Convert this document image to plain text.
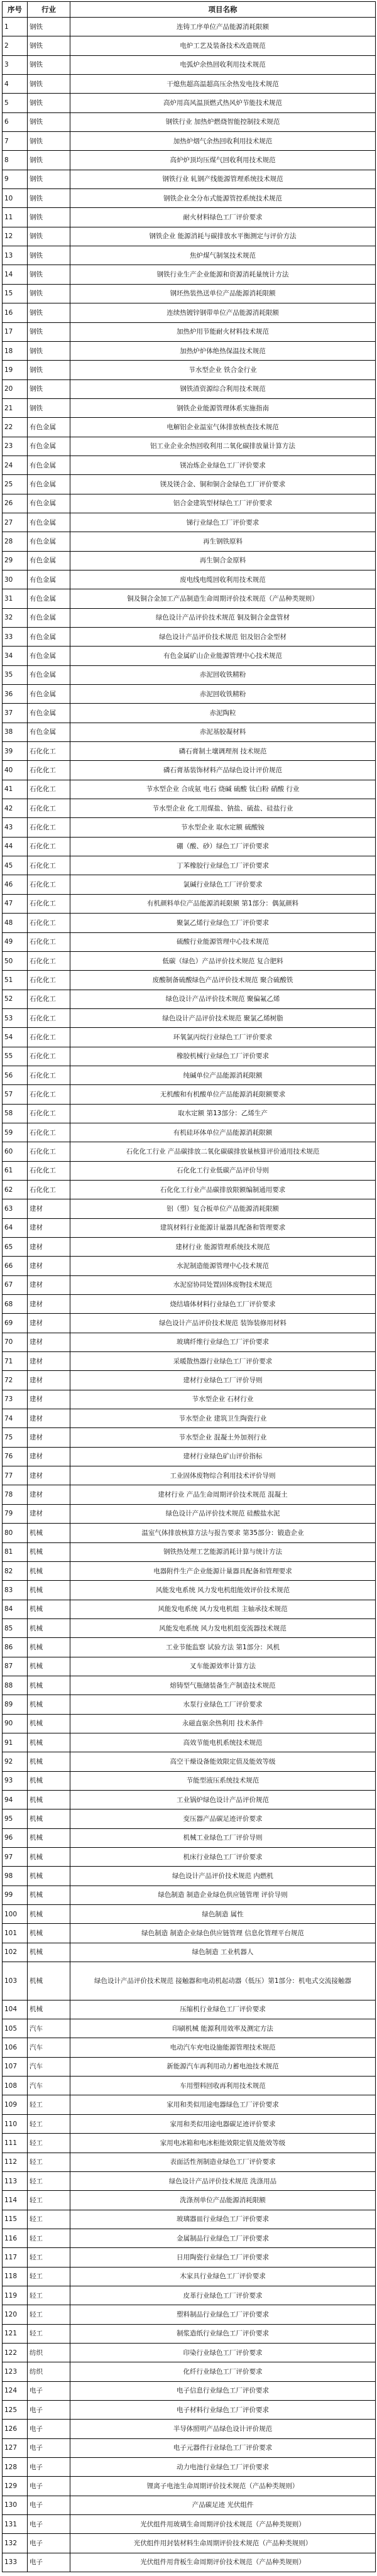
序号	行业	项目名称
1	钢铁	连铸工序单位产品能源消耗限额
2	钢铁	电炉工艺及装备技术改造规范
3	钢铁	电弧炉余热回收利用技术规范
4	钢铁	干熄焦超高温超高压余热发电技术规范
5	钢铁	高炉用高风温顶燃式热风炉节能技术规范
6	钢铁	钢铁行业 加热炉燃烧智能控制技术规范
7	钢铁	加热炉烟气余热回收利用技术规范
8	钢铁	高炉炉顶均压煤气回收利用技术规范
9	钢铁	钢铁行业 轧钢产线能源管理系统技术规范
10	钢铁	钢铁企业全分布式能源管控系统技术规范
11	钢铁	耐火材料绿色工厂评价要求
12	钢铁	钢铁企业 能源消耗与碳排放水平衡测定与评价方法
13	钢铁	焦炉煤气制氢技术规范
14	钢铁	钢铁行业生产企业能源和资源消耗量统计方法
15	钢铁	钢坯热装热送单位产品能源消耗限额
16	钢铁	连续热镀锌钢带单位产品能源消耗限额
17	钢铁	加热炉用节能耐火材料技术规范
18	钢铁	加热炉炉体绝热保温技术规范
19	钢铁	节水型企业 铁合金行业
20	钢铁	钢铁渣资源综合利用技术规范
21	钢铁	钢铁企业能源管理体系实施指南
22	有色金属	电解铝企业温室气体排放核查技术规范
23	有色金属	铝工业企业余热回收利用二氧化碳排放量计算方法
24	有色金属	镁冶炼企业绿色工厂评价要求
25	有色金属	镁及镁合金、铜和铜合金绿色工厂评价要求
26	有色金属	铝合金建筑型材绿色工厂评价要求
27	有色金属	锑行业绿色工厂评价要求
28	有色金属	再生钢铁原料
29	有色金属	再生铜合金原料
30	有色金属	废电线电缆回收利用技术规范
31	有色金属	铜及铜合金加工产品制造生命周期评价技术规范（产品种类规则）
32	有色金属	绿色设计产品评价技术规范 铜及铜合金盘管材
33	有色金属	绿色设计产品评价技术规范 铝及铝合金型材
34	有色金属	有色金属矿山企业能源管理中心技术规范
35	有色金属	赤泥回收铁精粉
36	有色金属	赤泥回收铁精粉
37	有色金属	赤泥陶粒
38	有色金属	赤泥基胶凝材料
39	石化化工	磷石膏制土壤调理剂 技术规范
40	石化化工	磷石膏基装饰材料产品绿色设计评价规范
41	石化化工	节水型企业 合成氨 电石 烧碱 硫酸 钛白粉 硝酸 行业
42	石化化工	节水型企业 化工用煤盐、钠盐、硫盐、硅盐行业
43	石化化工	节水型企业 取水定额 硫酸铵
44	石化化工	硼（酸、砂）绿色工厂评价要求
45	石化化工	丁苯橡胶行业绿色工厂评价要求
46	石化化工	氯碱行业绿色工厂评价要求
47	石化化工	有机颜料单位产品能源消耗限额 第1部分：偶氮颜料
48	石化化工	聚氯乙烯行业绿色工厂评价要求
49	石化化工	硫酸行业能源管理中心技术规范
50	石化化工	低碳（绿色）产品评价技术规范 复合肥料
51	石化化工	废酸制备硫酸绿色产品评价技术规范 聚合硫酸铁
52	石化化工	绿色设计产品评价技术规范 聚偏氟乙烯
53	石化化工	绿色设计产品评价技术规范 聚氯乙烯树脂
54	石化化工	环氧氯丙烷行业绿色工厂评价要求
55	石化化工	橡胶机械行业绿色工厂评价要求
56	石化化工	纯碱单位产品能源消耗限额
57	石化化工	无机酸和有机酸单位产品能源消耗限额要求
58	石化化工	取水定额 第13部分：乙烯生产
59	石化化工	有机硅环体单位产品能源消耗限额
60	石化化工	石化化工行业 产品碳排放二氧化碳碳排放量核算评价通用技术规范
61	石化化工	石化化工行业低碳产品评价导则
62	石化化工	石化化工行业产品碳排放限额编制通用要求
63	建材	铝（塑）复合板单位产品能源消耗限额
64	建材	建筑材料行业能源计量器具配备和管理要求
65	建材	建材行业 能源管理系统技术规范
66	建材	水泥制造能源管理中心技术规范
67	建材	水泥窑协同处置固体废物技术规范
68	建材	烧结墙体材料行业绿色工厂评价要求
69	建材	绿色设计产品评价技术规范 装饰装修用材料
70	建材	玻璃纤维行业绿色工厂评价要求
71	建材	采暖散热器行业绿色工厂评价要求
72	建材	建材行业绿色工厂评价导则
73	建材	节水型企业 石材行业
74	建材	节水型企业 建筑卫生陶瓷行业
75	建材	节水型企业 混凝土外加剂行业
76	建材	建材行业绿色矿山评价指标
77	建材	工业固体废物综合利用技术评价导则
78	建材	建材行业 产品生命周期评价技术规范 混凝土
79	建材	绿色设计产品评价技术规范 硅酸盐水泥
80	机械	温室气体排放核算方法与报告要求 第35部分：锻造企业
81	机械	钢铁热处理工艺能源消耗计算与统计方法
82	机械	电器附件生产企业能源计量器具配备和管理要求
83	机械	风能发电系统 风力发电机组能效评价技术规范
84	机械	风能发电系统 风力发电机组 主轴承技术规范
85	机械	风能发电系统 风力发电机组变流器技术规范
86	机械	工业节能监察 试验方法 第1部分：风机
87	机械	叉车能源效率计算方法
88	机械	熔铸型气瓶储装备生产制造技术规范
89	机械	水泵行业绿色工厂评价要求
90	机械	永磁直驱余热利用 技术条件
91	机械	高效节能电机系统技术规范
92	机械	高空干燥设备能效限定值及能效等级
93	机械	节能型液压系统技术规范
94	机械	工业锅炉绿色设计产品评价规范
95	机械	变压器产品碳足迹评价要求
96	机械	机械工业绿色工厂评价导则
97	机械	机床行业绿色工厂评价要求
98	机械	绿色设计产品评价技术规范 内燃机
99	机械	绿色制造 制造企业绿色供应链管理 评价导则
100	机械	绿色制造 属性
101	机械	绿色制造 制造企业绿色供应链管理 信息化管理平台规范
102	机械	绿色制造 工业机器人
103	机械	绿色设计产品评价技术规范 接触器和电动机起动器（低压）第1部分：机电式交流接触器
104	机械	压缩机行业绿色工厂评价要求
105	汽车	印刷机械 能源利用效率及测定方法
106	汽车	电动汽车充电设施能源管理技术规范
107	汽车	新能源汽车再利用动力蓄电池技术规范
108	汽车	车用塑料回收再利用技术规范
109	轻工	家用和类似用途电器绿色工厂评价要求
110	轻工	家用和类似用途电器碳足迹评价要求
111	轻工	家用电冰箱和电冰柜能效限定值及能效等级
112	轻工	表面活性剂制造业绿色工厂评价要求
113	轻工	绿色设计产品评价技术规范 洗涤用品
114	轻工	洗涤剂单位产品能源消耗限额
115	轻工	玻璃器皿行业绿色工厂评价要求
116	轻工	金属制品行业绿色工厂评价要求
117	轻工	日用陶瓷行业绿色工厂评价要求
118	轻工	木家具行业绿色工厂评价要求
119	轻工	皮革行业绿色工厂评价要求
120	轻工	塑料制品行业绿色工厂评价要求
121	轻工	制浆造纸行业绿色工厂评价要求
122	纺织	印染行业绿色工厂评价要求
123	纺织	化纤行业绿色工厂评价要求
124	电子	电子信息行业绿色工厂评价要求
125	电子	电子材料行业绿色工厂评价要求
126	电子	半导体照明产品绿色设计评价规范
127	电子	电子元器件行业绿色工厂评价要求
128	电子	动力电池行业绿色工厂评价要求
129	电子	锂离子电池生命周期评价技术规范（产品种类规则）
130	电子	产品碳足迹 光伏组件
131	电子	光伏组件用玻璃生命周期评价技术规范（产品种类规则）
132	电子	光伏组件用封装材料生命周期评价技术规范（产品种类规则）
133	电子	光伏组件用背板生命周期评价技术规范（产品种类规则）
